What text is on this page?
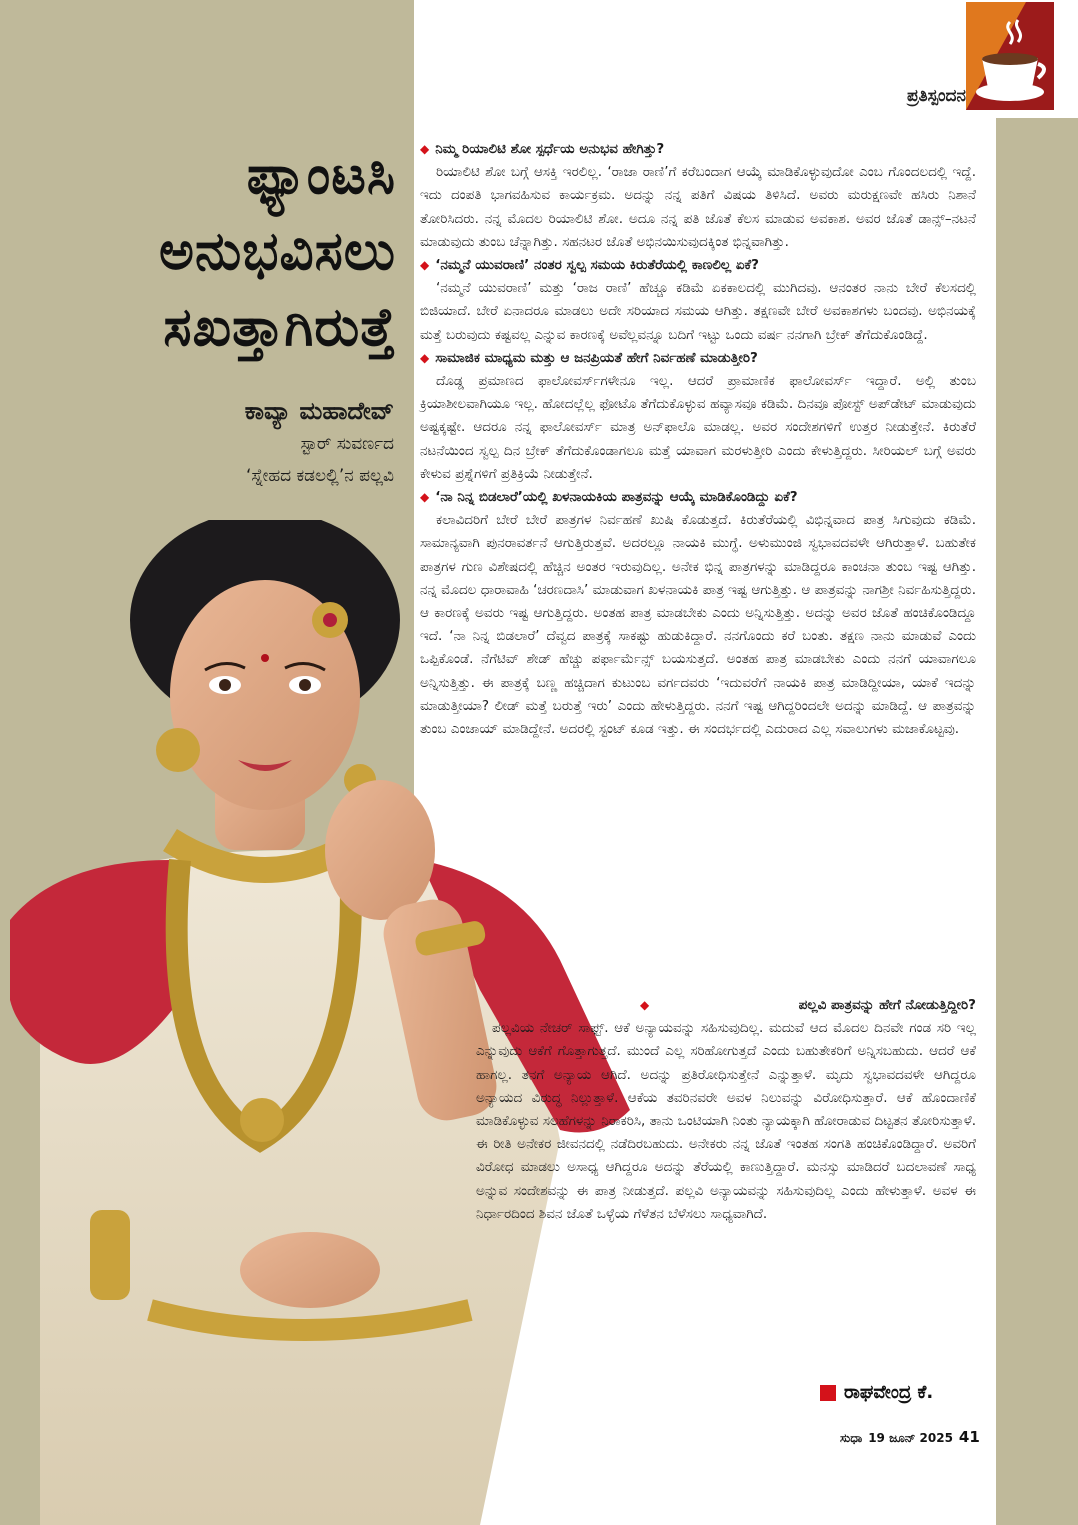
ಪ್ರತಿಸ್ಪಂದನ
ಫ್ಯಾಂಟಸಿ
ಅನುಭವಿಸಲು
ಸಖತ್ತಾಗಿರುತ್ತೆ
ಕಾವ್ಯಾ ಮಹಾದೇವ್
ಸ್ಟಾರ್ ಸುವರ್ಣದ
‘ಸ್ನೇಹದ ಕಡಲಲ್ಲಿ’ನ ಪಲ್ಲವಿ
◆ ನಿಮ್ಮ ರಿಯಾಲಿಟಿ ಶೋ ಸ್ಪರ್ಧೆಯ ಅನುಭವ ಹೇಗಿತ್ತು?

ರಿಯಾಲಿಟಿ ಶೋ ಬಗ್ಗೆ ಆಸಕ್ತಿ ಇರಲಿಲ್ಲ. ‘ರಾಜಾ ರಾಣಿ’ಗೆ ಕರೆಬಂದಾಗ ಆಯ್ಕೆ ಮಾಡಿಕೊಳ್ಳುವುದೋ ಎಂಬ ಗೊಂದಲದಲ್ಲಿ ಇದ್ದೆ. ಇದು ದಂಪತಿ ಭಾಗವಹಿಸುವ ಕಾರ್ಯಕ್ರಮ. ಅದನ್ನು ನನ್ನ ಪತಿಗೆ ವಿಷಯ ತಿಳಿಸಿದೆ. ಅವರು ಮರುಕ್ಷಣವೇ ಹಸಿರು ನಿಶಾನೆ ತೋರಿಸಿದರು. ನನ್ನ ಮೊದಲ ರಿಯಾಲಿಟಿ ಶೋ. ಅದೂ ನನ್ನ ಪತಿ ಜೊತೆ ಕೆಲಸ ಮಾಡುವ ಅವಕಾಶ. ಅವರ ಜೊತೆ ಡಾನ್ಸ್–ನಟನೆ ಮಾಡುವುದು ತುಂಬ ಚೆನ್ನಾಗಿತ್ತು. ಸಹನಟರ ಜೊತೆ ಅಭಿನಯಿಸುವುದಕ್ಕಿಂತ ಭಿನ್ನವಾಗಿತ್ತು.

◆ ‘ನಮ್ಮನೆ ಯುವರಾಣಿ’ ನಂತರ ಸ್ವಲ್ಪ ಸಮಯ ಕಿರುತೆರೆಯಲ್ಲಿ ಕಾಣಲಿಲ್ಲ ಏಕೆ?

‘ನಮ್ಮನೆ ಯುವರಾಣಿ’ ಮತ್ತು ‘ರಾಜ ರಾಣಿ’ ಹೆಚ್ಚೂ ಕಡಿಮೆ ಏಕಕಾಲದಲ್ಲಿ ಮುಗಿದವು. ಆನಂತರ ನಾನು ಬೇರೆ ಕೆಲಸದಲ್ಲಿ ಬಿಜಿಯಾದೆ. ಬೇರೆ ಏನಾದರೂ ಮಾಡಲು ಅದೇ ಸರಿಯಾದ ಸಮಯ ಆಗಿತ್ತು. ತಕ್ಷಣವೇ ಬೇರೆ ಅವಕಾಶಗಳು ಬಂದವು. ಅಭಿನಯಕ್ಕೆ ಮತ್ತೆ ಬರುವುದು ಕಷ್ಟವಲ್ಲ ಎನ್ನುವ ಕಾರಣಕ್ಕೆ ಅವೆಲ್ಲವನ್ನೂ ಬದಿಗೆ ಇಟ್ಟು ಒಂದು ವರ್ಷ ನನಗಾಗಿ ಬ್ರೇಕ್ ತೆಗೆದುಕೊಂಡಿದ್ದೆ.

◆ ಸಾಮಾಜಿಕ ಮಾಧ್ಯಮ ಮತ್ತು ಆ ಜನಪ್ರಿಯತೆ ಹೇಗೆ ನಿರ್ವಹಣೆ ಮಾಡುತ್ತೀರಿ?

ದೊಡ್ಡ ಪ್ರಮಾಣದ ಫಾಲೋವರ್ಸ್‌ಗಳೇನೂ ಇಲ್ಲ. ಆದರೆ ಪ್ರಾಮಾಣಿಕ ಫಾಲೋವರ್ಸ್ ಇದ್ದಾರೆ. ಅಲ್ಲಿ ತುಂಬ ಕ್ರಿಯಾಶೀಲವಾಗಿಯೂ ಇಲ್ಲ. ಹೋದಲ್ಲೆಲ್ಲ ಫೋಟೊ ತೆಗೆದುಕೊಳ್ಳುವ ಹವ್ಯಾಸವೂ ಕಡಿಮೆ. ದಿನವೂ ಪೋಸ್ಟ್ ಅಪ್‌ಡೇಟ್ ಮಾಡುವುದು ಅಷ್ಟಕ್ಕಷ್ಟೇ. ಆದರೂ ನನ್ನ ಫಾಲೋವರ್ಸ್ ಮಾತ್ರ ಅನ್‌ಫಾಲೊ ಮಾಡಲ್ಲ. ಅವರ ಸಂದೇಶಗಳಿಗೆ ಉತ್ತರ ನೀಡುತ್ತೇನೆ. ಕಿರುತೆರೆ ನಟನೆಯಿಂದ ಸ್ವಲ್ಪ ದಿನ ಬ್ರೇಕ್ ತೆಗೆದುಕೊಂಡಾಗಲೂ ಮತ್ತೆ ಯಾವಾಗ ಮರಳುತ್ತೀರಿ ಎಂದು ಕೇಳುತ್ತಿದ್ದರು. ಸೀರಿಯಲ್ ಬಗ್ಗೆ ಅವರು ಕೇಳುವ ಪ್ರಶ್ನೆಗಳಿಗೆ ಪ್ರತಿಕ್ರಿಯೆ ನೀಡುತ್ತೇನೆ.

◆ ‘ನಾ ನಿನ್ನ ಬಿಡಲಾರೆ’ಯಲ್ಲಿ ಖಳನಾಯಕಿಯ ಪಾತ್ರವನ್ನು ಆಯ್ಕೆ ಮಾಡಿಕೊಂಡಿದ್ದು ಏಕೆ?

ಕಲಾವಿದರಿಗೆ ಬೇರೆ ಬೇರೆ ಪಾತ್ರಗಳ ನಿರ್ವಹಣೆ ಖುಷಿ ಕೊಡುತ್ತದೆ. ಕಿರುತೆರೆಯಲ್ಲಿ ವಿಭಿನ್ನವಾದ ಪಾತ್ರ ಸಿಗುವುದು ಕಡಿಮೆ. ಸಾಮಾನ್ಯವಾಗಿ ಪುನರಾವರ್ತನೆ ಆಗುತ್ತಿರುತ್ತವೆ. ಅದರಲ್ಲೂ ನಾಯಕಿ ಮುಗ್ಧೆ. ಅಳುಮುಂಜಿ ಸ್ವಭಾವದವಳೇ ಆಗಿರುತ್ತಾಳೆ. ಬಹುತೇಕ ಪಾತ್ರಗಳ ಗುಣ ವಿಶೇಷದಲ್ಲಿ ಹೆಚ್ಚಿನ ಅಂತರ ಇರುವುದಿಲ್ಲ. ಅನೇಕ ಭಿನ್ನ ಪಾತ್ರಗಳನ್ನು ಮಾಡಿದ್ದರೂ ಕಾಂಚನಾ ತುಂಬ ಇಷ್ಟ ಆಗಿತ್ತು. ನನ್ನ ಮೊದಲ ಧಾರಾವಾಹಿ ‘ಚರಣದಾಸಿ’ ಮಾಡುವಾಗ ಖಳನಾಯಕಿ ಪಾತ್ರ ಇಷ್ಟ ಆಗುತ್ತಿತ್ತು. ಆ ಪಾತ್ರವನ್ನು ನಾಗಶ್ರೀ ನಿರ್ವಹಿಸುತ್ತಿದ್ದರು. ಆ ಕಾರಣಕ್ಕೆ ಅವರು ಇಷ್ಟ ಆಗುತ್ತಿದ್ದರು. ಅಂತಹ ಪಾತ್ರ ಮಾಡಬೇಕು ಎಂದು ಅನ್ನಿಸುತ್ತಿತ್ತು. ಅದನ್ನು ಅವರ ಜೊತೆ ಹಂಚಿಕೊಂಡಿದ್ದೂ ಇದೆ. ‘ನಾ ನಿನ್ನ ಬಿಡಲಾರೆ’ ದೆವ್ವದ ಪಾತ್ರಕ್ಕೆ ಸಾಕಷ್ಟು ಹುಡುಕಿದ್ದಾರೆ. ನನಗೊಂದು ಕರೆ ಬಂತು. ತಕ್ಷಣ ನಾನು ಮಾಡುವೆ ಎಂದು ಒಪ್ಪಿಕೊಂಡೆ. ನೆಗೆಟಿವ್ ಶೇಡ್ ಹೆಚ್ಚು ಪರ್ಫಾರ್ಮೆನ್ಸ್ ಬಯಸುತ್ತದೆ. ಅಂತಹ ಪಾತ್ರ ಮಾಡಬೇಕು ಎಂದು ನನಗೆ ಯಾವಾಗಲೂ ಅನ್ನಿಸುತ್ತಿತ್ತು. ಈ ಪಾತ್ರಕ್ಕೆ ಬಣ್ಣ ಹಚ್ಚಿದಾಗ ಕುಟುಂಬ ವರ್ಗದವರು ‘ಇದುವರೆಗೆ ನಾಯಕಿ ಪಾತ್ರ ಮಾಡಿದ್ದೀಯಾ, ಯಾಕೆ ಇದನ್ನು ಮಾಡುತ್ತೀಯಾ? ಲೀಡ್ ಮತ್ತೆ ಬರುತ್ತೆ ಇರು’ ಎಂದು ಹೇಳುತ್ತಿದ್ದರು. ನನಗೆ ಇಷ್ಟ ಆಗಿದ್ದರಿಂದಲೇ ಅದನ್ನು ಮಾಡಿದ್ದೆ. ಆ ಪಾತ್ರವನ್ನು ತುಂಬ ಎಂಜಾಯ್ ಮಾಡಿದ್ದೇನೆ. ಅದರಲ್ಲಿ ಸ್ಟಂಟ್ ಕೂಡ ಇತ್ತು. ಈ ಸಂದರ್ಭದಲ್ಲಿ ಎದುರಾದ ಎಲ್ಲ ಸವಾಲುಗಳು ಮಜಾಕೊಟ್ಟವು.

◆	ಪಲ್ಲವಿ ಪಾತ್ರವನ್ನು ಹೇಗೆ ನೋಡುತ್ತಿದ್ದೀರಿ?

ಪಲ್ಲವಿಯ ನೇಚರ್ ಸಾಫ್ಟ್. ಆಕೆ ಅನ್ಯಾಯವನ್ನು ಸಹಿಸುವುದಿಲ್ಲ. ಮದುವೆ ಆದ ಮೊದಲ ದಿನವೇ ಗಂಡ ಸರಿ ಇಲ್ಲ ಎನ್ನುವುದು ಆಕೆಗೆ ಗೊತ್ತಾಗುತ್ತದೆ. ಮುಂದೆ ಎಲ್ಲ ಸರಿಹೋಗುತ್ತದೆ ಎಂದು ಬಹುತೇಕರಿಗೆ ಅನ್ನಿಸಬಹುದು. ಆದರೆ ಆಕೆ ಹಾಗಲ್ಲ. ತನಗೆ ಅನ್ಯಾಯ ಆಗಿದೆ. ಅದನ್ನು ಪ್ರತಿರೋಧಿಸುತ್ತೇನೆ ಎನ್ನುತ್ತಾಳೆ. ಮೃದು ಸ್ವಭಾವದವಳೇ ಆಗಿದ್ದರೂ ಅನ್ಯಾಯದ ವಿರುದ್ಧ ನಿಲ್ಲುತ್ತಾಳೆ. ಆಕೆಯ ತವರಿನವರೇ ಅವಳ ನಿಲುವನ್ನು ವಿರೋಧಿಸುತ್ತಾರೆ. ಆಕೆ ಹೊಂದಾಣಿಕೆ ಮಾಡಿಕೊಳ್ಳುವ ಸಲಹೆಗಳನ್ನು ನಿರಾಕರಿಸಿ, ತಾನು ಒಂಟಿಯಾಗಿ ನಿಂತು ನ್ಯಾಯಕ್ಕಾಗಿ ಹೋರಾಡುವ ದಿಟ್ಟತನ ತೋರಿಸುತ್ತಾಳೆ. ಈ ರೀತಿ ಅನೇಕರ ಜೀವನದಲ್ಲಿ ನಡೆದಿರಬಹುದು. ಅನೇಕರು ನನ್ನ ಜೊತೆ ಇಂತಹ ಸಂಗತಿ ಹಂಚಿಕೊಂಡಿದ್ದಾರೆ. ಅವರಿಗೆ ವಿರೋಧ ಮಾಡಲು ಅಸಾಧ್ಯ ಆಗಿದ್ದರೂ ಅದನ್ನು ತೆರೆಯಲ್ಲಿ ಕಾಣುತ್ತಿದ್ದಾರೆ. ಮನಸ್ಸು ಮಾಡಿದರೆ ಬದಲಾವಣೆ ಸಾಧ್ಯ ಅನ್ನುವ ಸಂದೇಶವನ್ನು ಈ ಪಾತ್ರ ನೀಡುತ್ತದೆ. ಪಲ್ಲವಿ ಅನ್ಯಾಯವನ್ನು ಸಹಿಸುವುದಿಲ್ಲ ಎಂದು ಹೇಳುತ್ತಾಳೆ. ಅವಳ ಈ ನಿರ್ಧಾರದಿಂದ ಶಿವನ ಜೊತೆ ಒಳ್ಳೆಯ ಗೆಳೆತನ ಬೆಳೆಸಲು ಸಾಧ್ಯವಾಗಿದೆ.

ರಾಘವೇಂದ್ರ ಕೆ.
ಸುಧಾ 19 ಜೂನ್ 2025 41
